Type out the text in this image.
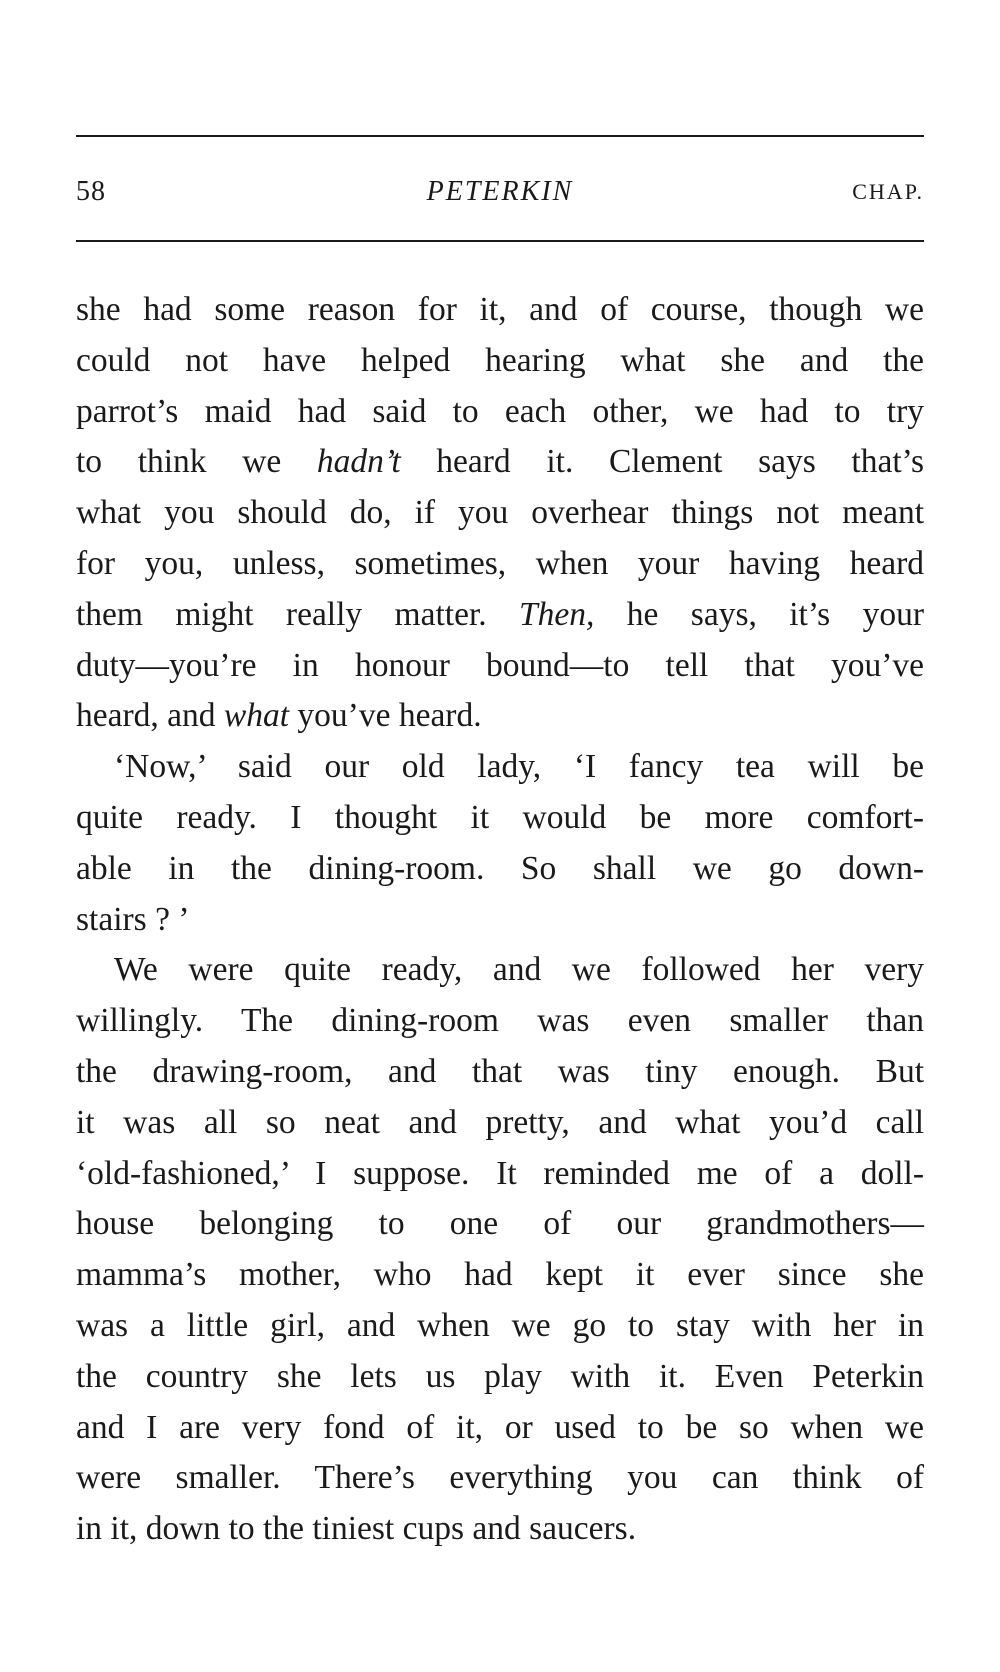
58	PETERKIN	CHAP.
she had some reason for it, and of course, though we
could not have helped hearing what she and the
parrot’s maid had said to each other, we had to try
to think we hadn’t heard it. Clement says that’s
what you should do, if you overhear things not meant
for you, unless, sometimes, when your having heard
them might really matter. Then, he says, it’s your
duty—you’re in honour bound—to tell that you’ve
heard, and what you’ve heard.
‘Now,’ said our old lady, ‘I fancy tea will be
quite ready. I thought it would be more comfort-
able in the dining-room. So shall we go down-
stairs ? ’
We were quite ready, and we followed her very
willingly. The dining-room was even smaller than
the drawing-room, and that was tiny enough. But
it was all so neat and pretty, and what you’d call
‘old-fashioned,’ I suppose. It reminded me of a doll-
house belonging to one of our grandmothers—
mamma’s mother, who had kept it ever since she
was a little girl, and when we go to stay with her in
the country she lets us play with it. Even Peterkin
and I are very fond of it, or used to be so when we
were smaller. There’s everything you can think of
in it, down to the tiniest cups and saucers.
